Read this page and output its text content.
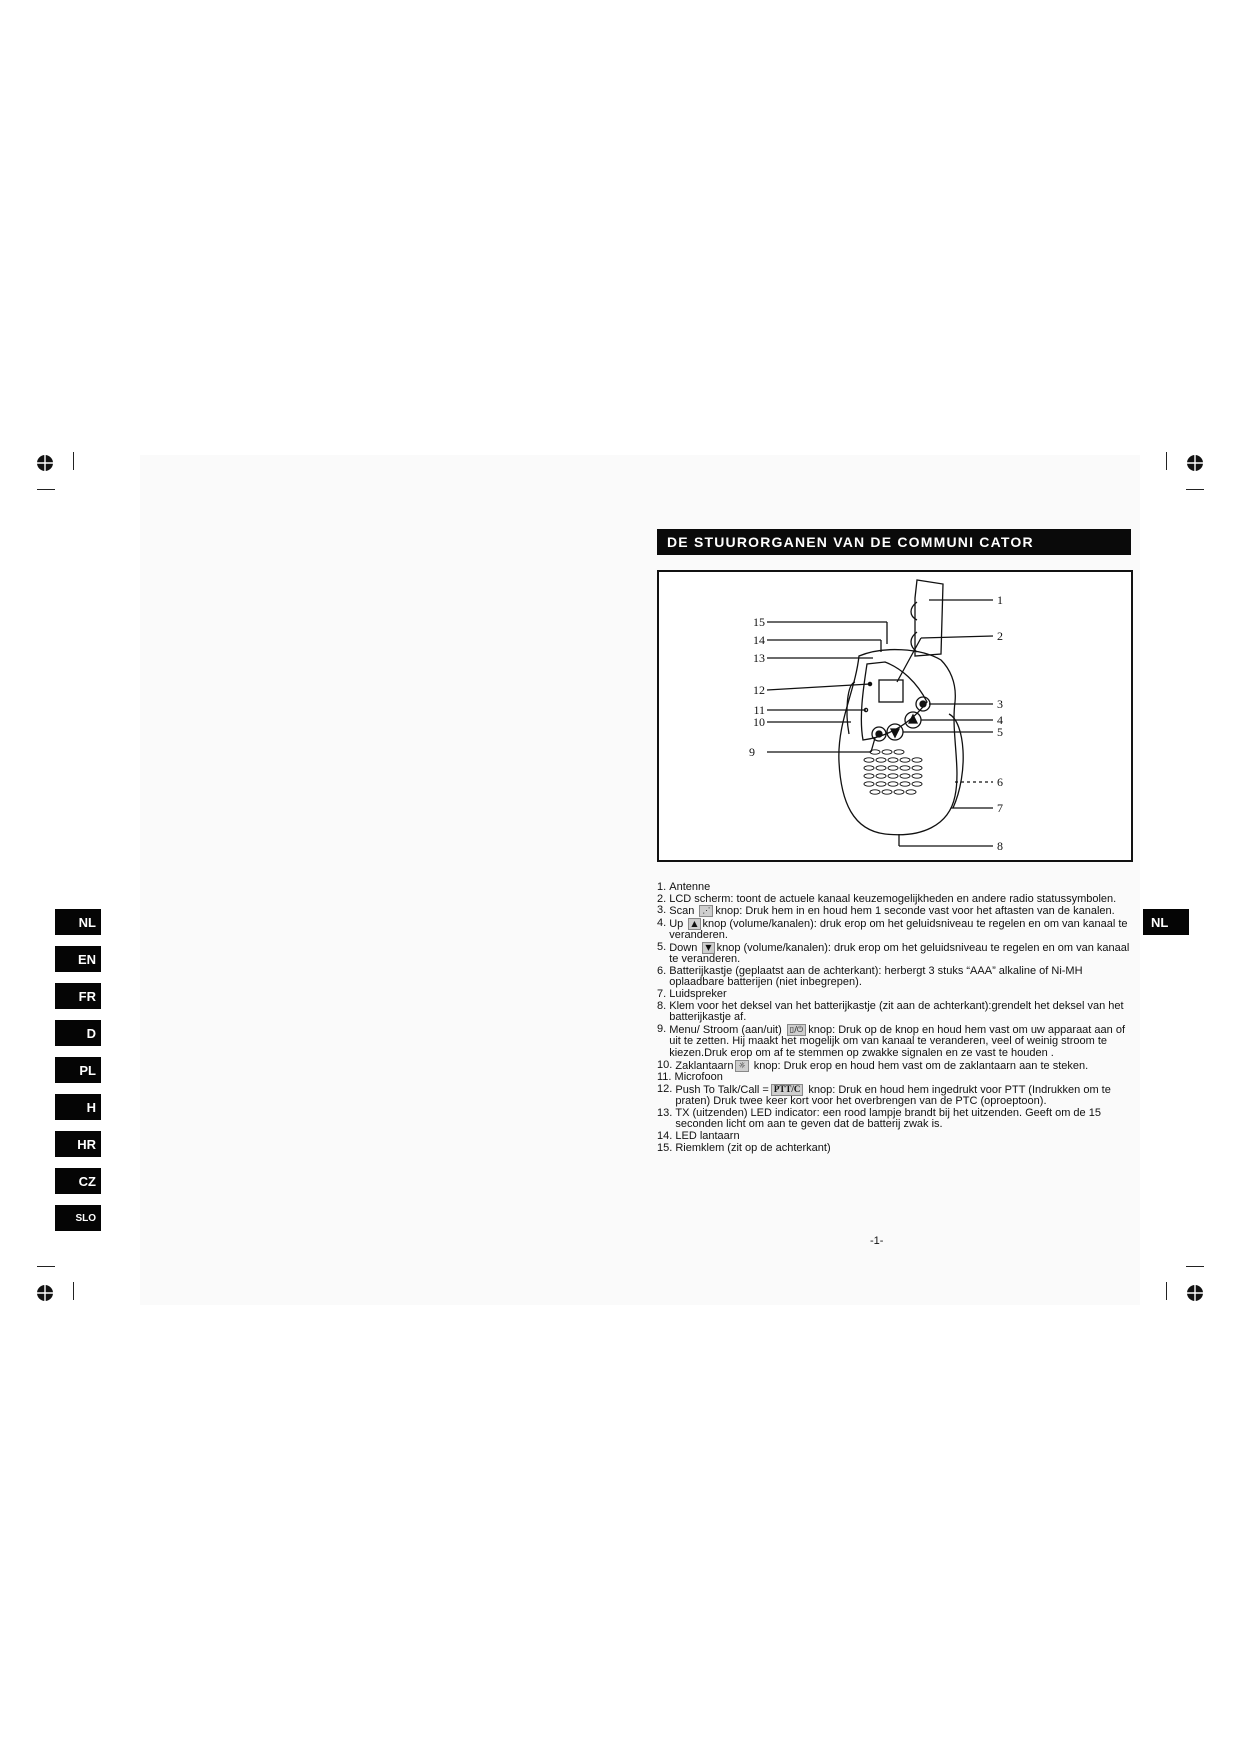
NL
EN
FR
D
PL
H
HR
CZ
SLO
NL
DE STUURORGANEN VAN DE COMMUNI CATOR
1
2
3
4
5
6
7
8
9
10
11
12
13
14
15
1. Antenne
2. LCD scherm: toont de actuele kanaal keuzemogelijkheden en andere radio statussymbolen.
3. Scan ⋰ knop: Druk hem in en houd hem 1 seconde vast voor het aftasten van de kanalen.
4. Up ▲ knop (volume/kanalen): druk erop om het geluidsniveau te regelen en om van kanaal te veranderen.
5. Down ▼ knop (volume/kanalen): druk erop om het geluidsniveau te regelen en om van kanaal te veranderen.
6. Batterijkastje (geplaatst aan de achterkant): herbergt 3 stuks “AAA” alkaline of Ni-MH oplaadbare batterijen (niet inbegrepen).
7. Luidspreker
8. Klem voor het deksel van het batterijkastje (zit aan de achterkant):grendelt het deksel van het batterijkastje af.
9. Menu/ Stroom (aan/uit) ▯/⏻ knop: Druk op de knop en houd hem vast om uw apparaat aan of uit te zetten. Hij maakt het mogelijk om van kanaal te veranderen, veel of weinig stroom te kiezen.Druk erop om af te stemmen op zwakke signalen en ze vast te houden .
10. Zaklantaarn ☼ knop: Druk erop en houd hem vast om de zaklantaarn aan te steken.
11. Microfoon
12. Push To Talk/Call = PTT/C knop: Druk en houd hem ingedrukt voor PTT (Indrukken om te praten) Druk twee keer kort voor het overbrengen van de PTC (oproeptoon).
13. TX (uitzenden) LED indicator: een rood lampje brandt bij het uitzenden. Geeft om de 15 seconden licht om aan te geven dat de batterij zwak is.
14. LED lantaarn
15. Riemklem (zit op de achterkant)
-1-
